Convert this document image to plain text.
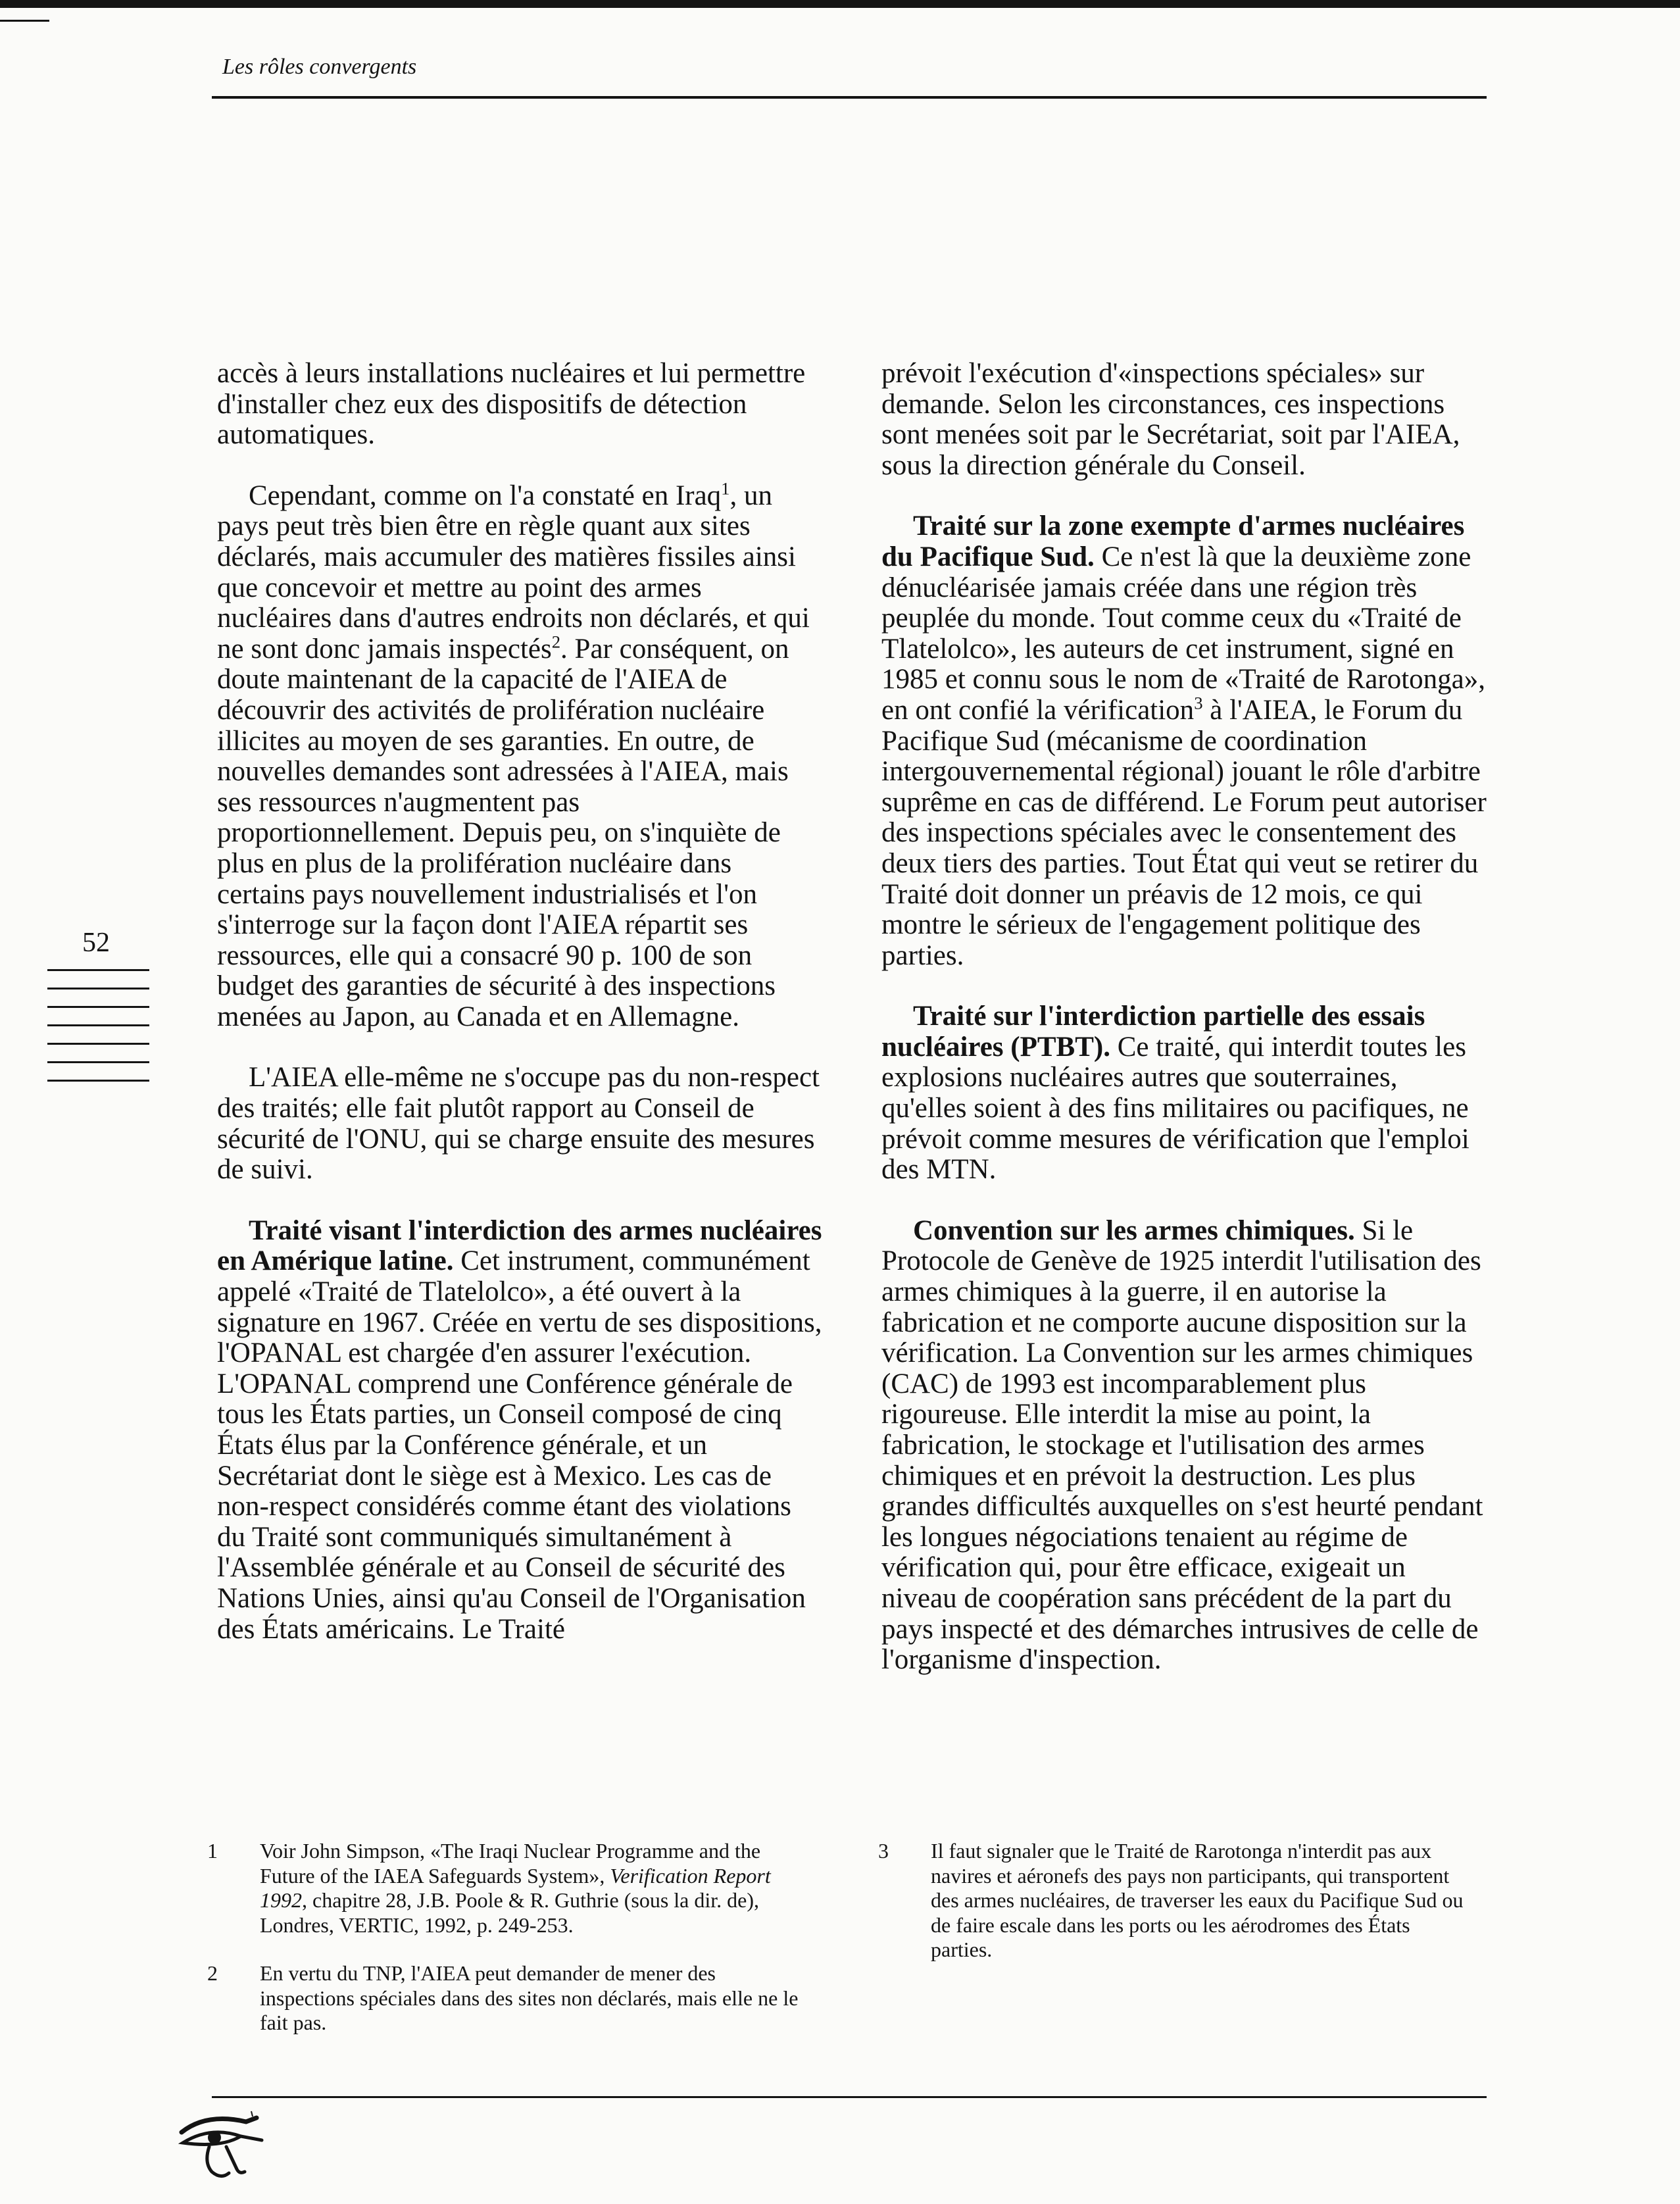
Les rôles convergents
52

accès à leurs installations nucléaires et lui permettre d'installer chez eux des dispositifs de détection automatiques.

Cependant, comme on l'a constaté en Iraq$^1$, un pays peut très bien être en règle quant aux sites déclarés, mais accumuler des matières fissiles ainsi que concevoir et mettre au point des armes nucléaires dans d'autres endroits non déclarés, et qui ne sont donc jamais inspectés$^2$. Par conséquent, on doute maintenant de la capacité de l'AIEA de découvrir des activités de prolifération nucléaire illicites au moyen de ses garanties. En outre, de nouvelles demandes sont adressées à l'AIEA, mais ses ressources n'augmentent pas proportionnellement. Depuis peu, on s'inquiète de plus en plus de la prolifération nucléaire dans certains pays nouvellement industrialisés et l'on s'interroge sur la façon dont l'AIEA répartit ses ressources, elle qui a consacré 90 p. 100 de son budget des garanties de sécurité à des inspections menées au Japon, au Canada et en Allemagne.

L'AIEA elle-même ne s'occupe pas du non-respect des traités; elle fait plutôt rapport au Conseil de sécurité de l'ONU, qui se charge ensuite des mesures de suivi.

Traité visant l'interdiction des armes nucléaires en Amérique latine. Cet instrument, communément appelé «Traité de Tlatelolco», a été ouvert à la signature en 1967. Créée en vertu de ses dispositions, l'OPANAL est chargée d'en assurer l'exécution. L'OPANAL comprend une Conférence générale de tous les États parties, un Conseil composé de cinq États élus par la Conférence générale, et un Secrétariat dont le siège est à Mexico. Les cas de non-respect considérés comme étant des violations du Traité sont communiqués simultanément à l'Assemblée générale et au Conseil de sécurité des Nations Unies, ainsi qu'au Conseil de l'Organisation des États américains. Le Traité

prévoit l'exécution d'«inspections spéciales» sur demande. Selon les circonstances, ces inspections sont menées soit par le Secrétariat, soit par l'AIEA, sous la direction générale du Conseil.

Traité sur la zone exempte d'armes nucléaires du Pacifique Sud. Ce n'est là que la deuxième zone dénucléarisée jamais créée dans une région très peuplée du monde. Tout comme ceux du «Traité de Tlatelolco», les auteurs de cet instrument, signé en 1985 et connu sous le nom de «Traité de Rarotonga», en ont confié la vérification$^3$ à l'AIEA, le Forum du Pacifique Sud (mécanisme de coordination intergouvernemental régional) jouant le rôle d'arbitre suprême en cas de différend. Le Forum peut autoriser des inspections spéciales avec le consentement des deux tiers des parties. Tout État qui veut se retirer du Traité doit donner un préavis de 12 mois, ce qui montre le sérieux de l'engagement politique des parties.

Traité sur l'interdiction partielle des essais nucléaires (PTBT). Ce traité, qui interdit toutes les explosions nucléaires autres que souterraines, qu'elles soient à des fins militaires ou pacifiques, ne prévoit comme mesures de vérification que l'emploi des MTN.

Convention sur les armes chimiques. Si le Protocole de Genève de 1925 interdit l'utilisation des armes chimiques à la guerre, il en autorise la fabrication et ne comporte aucune disposition sur la vérification. La Convention sur les armes chimiques (CAC) de 1993 est incomparablement plus rigoureuse. Elle interdit la mise au point, la fabrication, le stockage et l'utilisation des armes chimiques et en prévoit la destruction. Les plus grandes difficultés auxquelles on s'est heurté pendant les longues négociations tenaient au régime de vérification qui, pour être efficace, exigeait un niveau de coopération sans précédent de la part du pays inspecté et des démarches intrusives de celle de l'organisme d'inspection.

1	Voir John Simpson, «The Iraqi Nuclear Programme and the Future of the IAEA Safeguards System», Verification Report 1992, chapitre 28, J.B. Poole & R. Guthrie (sous la dir. de), Londres, VERTIC, 1992, p. 249-253.
2	En vertu du TNP, l'AIEA peut demander de mener des inspections spéciales dans des sites non déclarés, mais elle ne le fait pas.
3	Il faut signaler que le Traité de Rarotonga n'interdit pas aux navires et aéronefs des pays non participants, qui transportent des armes nucléaires, de traverser les eaux du Pacifique Sud ou de faire escale dans les ports ou les aérodromes des États parties.
